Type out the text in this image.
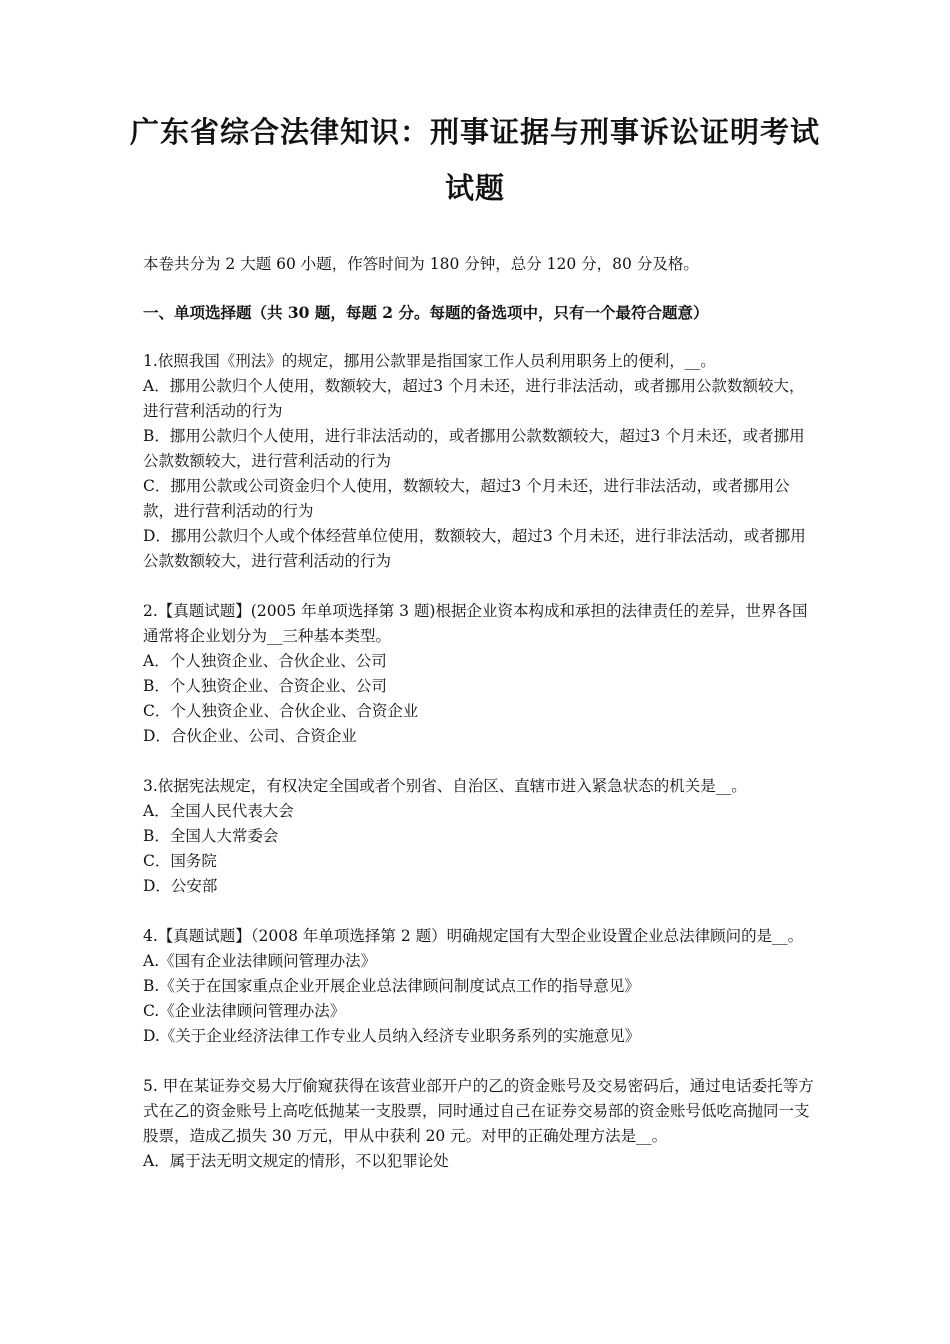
广东省综合法律知识：刑事证据与刑事诉讼证明考试
试题

本卷共分为 2 大题 60 小题，作答时间为 180 分钟，总分 120 分，80 分及格。

一、单项选择题（共 30 题，每题 2 分。每题的备选项中，只有一个最符合题意）

1.依照我国《刑法》的规定，挪用公款罪是指国家工作人员利用职务上的便利，__。
A．挪用公款归个人使用，数额较大，超过3 个月未还，进行非法活动，或者挪用公款数额较大，进行营利活动的行为
B．挪用公款归个人使用，进行非法活动的，或者挪用公款数额较大，超过3 个月未还，或者挪用公款数额较大，进行营利活动的行为
C．挪用公款或公司资金归个人使用，数额较大，超过3 个月未还，进行非法活动，或者挪用公款，进行营利活动的行为
D．挪用公款归个人或个体经营单位使用，数额较大，超过3 个月未还，进行非法活动，或者挪用公款数额较大，进行营利活动的行为
2.【真题试题】(2005 年单项选择第 3 题)根据企业资本构成和承担的法律责任的差异，世界各国通常将企业划分为__三种基本类型。
A．个人独资企业、合伙企业、公司
B．个人独资企业、合资企业、公司
C．个人独资企业、合伙企业、合资企业
D．合伙企业、公司、合资企业
3.依据宪法规定，有权决定全国或者个别省、自治区、直辖市进入紧急状态的机关是__。
A．全国人民代表大会
B．全国人大常委会
C．国务院
D．公安部
4.【真题试题】（2008 年单项选择第 2 题）明确规定国有大型企业设置企业总法律顾问的是__。
A.《国有企业法律顾问管理办法》
B.《关于在国家重点企业开展企业总法律顾问制度试点工作的指导意见》
C.《企业法律顾问管理办法》
D.《关于企业经济法律工作专业人员纳入经济专业职务系列的实施意见》
5. 甲在某证券交易大厅偷窥获得在该营业部开户的乙的资金账号及交易密码后，通过电话委托等方式在乙的资金账号上高吃低抛某一支股票，同时通过自己在证券交易部的资金账号低吃高抛同一支股票，造成乙损失 30 万元，甲从中获利 20 元。对甲的正确处理方法是__。
A．属于法无明文规定的情形，不以犯罪论处
